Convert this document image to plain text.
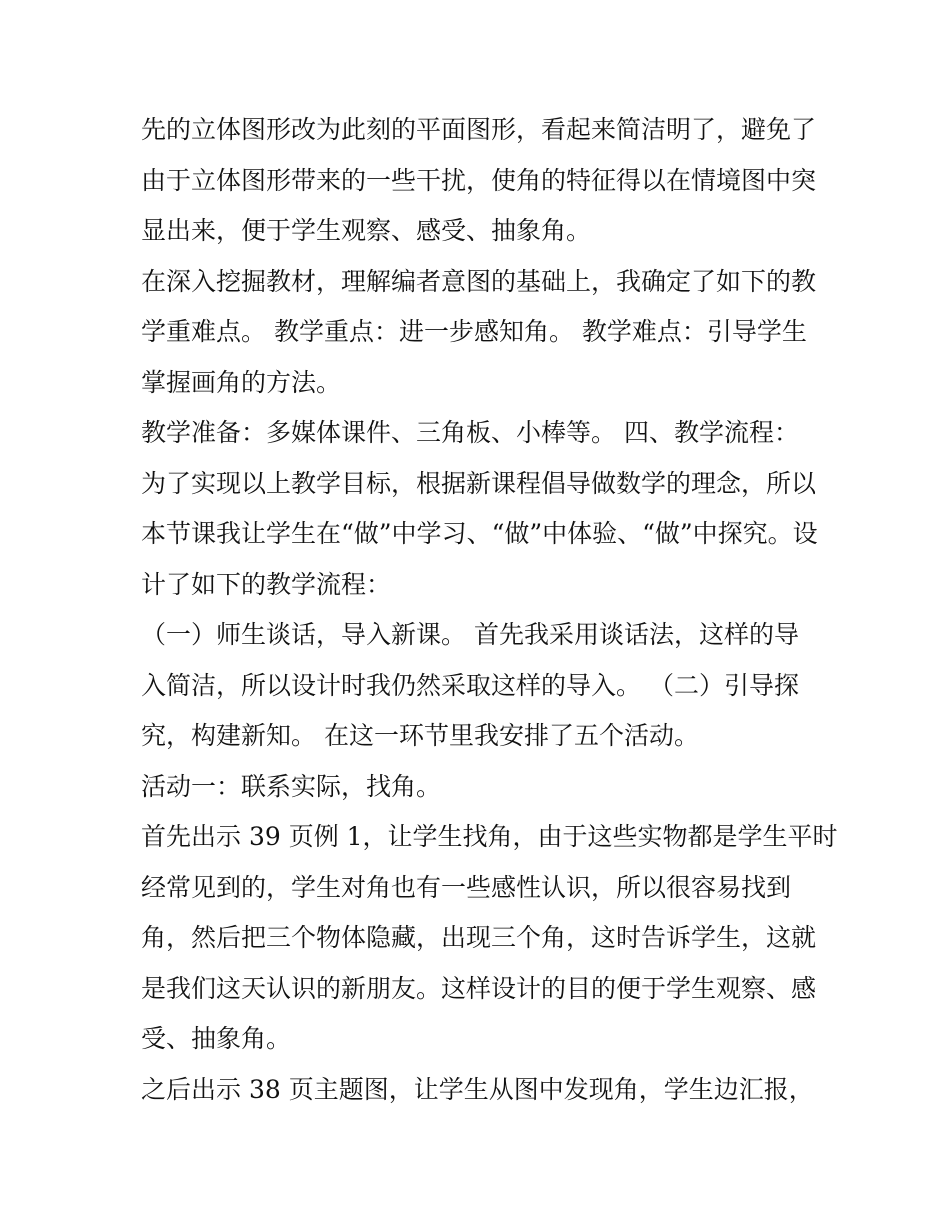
先的立体图形改为此刻的平面图形，看起来简洁明了，避免了
由于立体图形带来的一些干扰，使角的特征得以在情境图中突
显出来，便于学生观察、感受、抽象角。
在深入挖掘教材，理解编者意图的基础上，我确定了如下的教
学重难点。 教学重点：进一步感知角。 教学难点：引导学生
掌握画角的方法。
教学准备：多媒体课件、三角板、小棒等。 四、教学流程：
为了实现以上教学目标，根据新课程倡导做数学的理念，所以
本节课我让学生在“做”中学习、“做”中体验、“做”中探究。设
计了如下的教学流程：
（一）师生谈话，导入新课。 首先我采用谈话法，这样的导
入简洁，所以设计时我仍然采取这样的导入。 （二）引导探
究，构建新知。 在这一环节里我安排了五个活动。
活动一：联系实际，找角。
首先出示 39 页例 1，让学生找角，由于这些实物都是学生平时
经常见到的，学生对角也有一些感性认识，所以很容易找到
角，然后把三个物体隐藏，出现三个角，这时告诉学生，这就
是我们这天认识的新朋友。这样设计的目的便于学生观察、感
受、抽象角。
之后出示 38 页主题图，让学生从图中发现角，学生边汇报，
